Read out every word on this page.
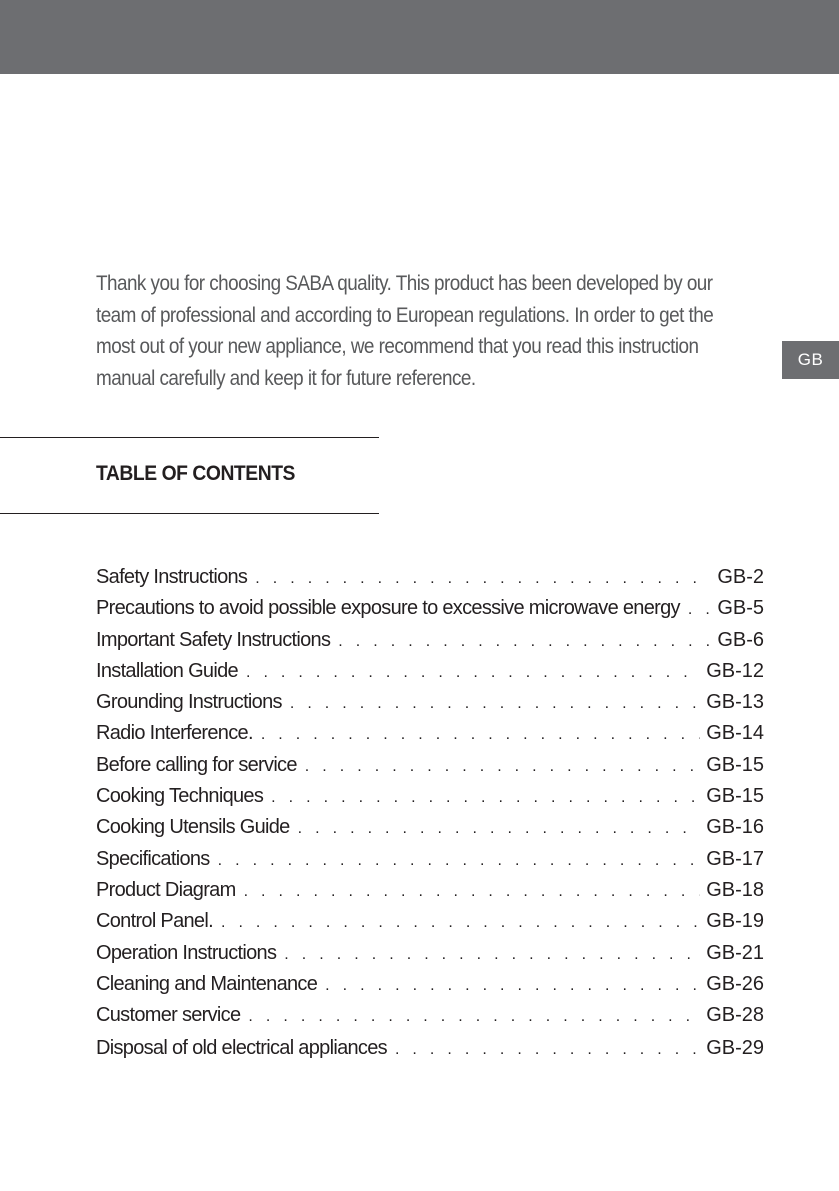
Thank you for choosing SABA quality. This product has been developed by our team of professional and according to European regulations. In order to get the most out of your new appliance, we recommend that you read this instruction manual carefully and keep it for future reference.
GB
TABLE OF CONTENTS
Safety Instructions . . .	GB-2
Precautions to avoid possible exposure to excessive microwave energy . . . GB-5
Important Safety Instructions . . .	GB-6
Installation Guide . . .	GB-12
Grounding Instructions . . .	GB-13
Radio Interference. . . .	GB-14
Before calling for service . . .	GB-15
Cooking Techniques . . .	GB-15
Cooking Utensils Guide . . .	GB-16
Specifications . . .	GB-17
Product Diagram . . .	GB-18
Control Panel. . . .	GB-19
Operation Instructions . . .	GB-21
Cleaning and Maintenance . . .	GB-26
Customer service . . .	GB-28
Disposal of old electrical appliances . . .	GB-29
